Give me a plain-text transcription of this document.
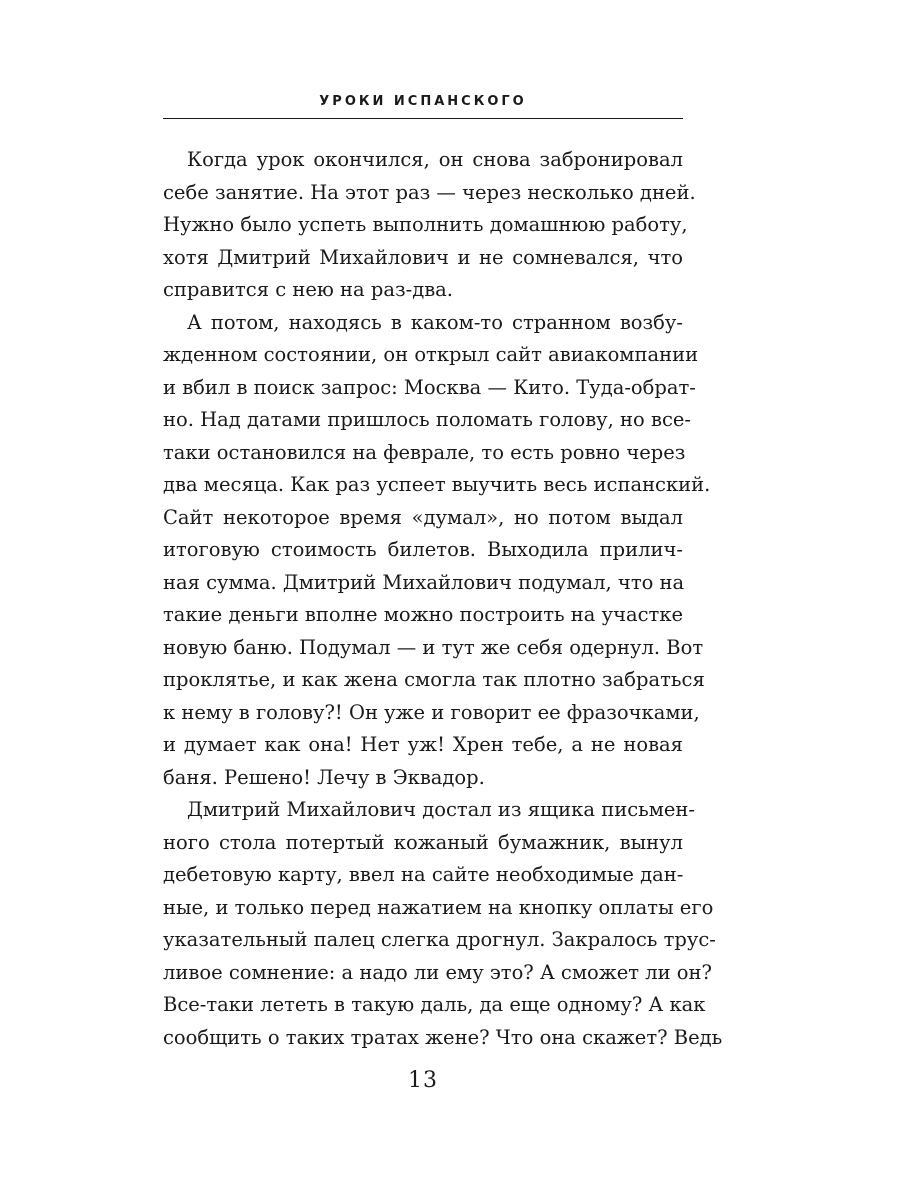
УРОКИ ИСПАНСКОГО
Когда урок окончился, он снова забронировал
себе занятие. На этот раз — через несколько дней.
Нужно было успеть выполнить домашнюю работу,
хотя Дмитрий Михайлович и не сомневался, что
справится с нею на раз-два.
А потом, находясь в каком-то странном возбу-
жденном состоянии, он открыл сайт авиакомпании
и вбил в поиск запрос: Москва — Кито. Туда-обрат-
но. Над датами пришлось поломать голову, но все-
таки остановился на феврале, то есть ровно через
два месяца. Как раз успеет выучить весь испанский.
Сайт некоторое время «думал», но потом выдал
итоговую стоимость билетов. Выходила прилич-
ная сумма. Дмитрий Михайлович подумал, что на
такие деньги вполне можно построить на участке
новую баню. Подумал — и тут же себя одернул. Вот
проклятье, и как жена смогла так плотно забраться
к нему в голову?! Он уже и говорит ее фразочками,
и думает как она! Нет уж! Хрен тебе, а не новая
баня. Решено! Лечу в Эквадор.
Дмитрий Михайлович достал из ящика письмен-
ного стола потертый кожаный бумажник, вынул
дебетовую карту, ввел на сайте необходимые дан-
ные, и только перед нажатием на кнопку оплаты его
указательный палец слегка дрогнул. Закралось трус-
ливое сомнение: а надо ли ему это? А сможет ли он?
Все-таки лететь в такую даль, да еще одному? А как
сообщить о таких тратах жене? Что она скажет? Ведь
13
